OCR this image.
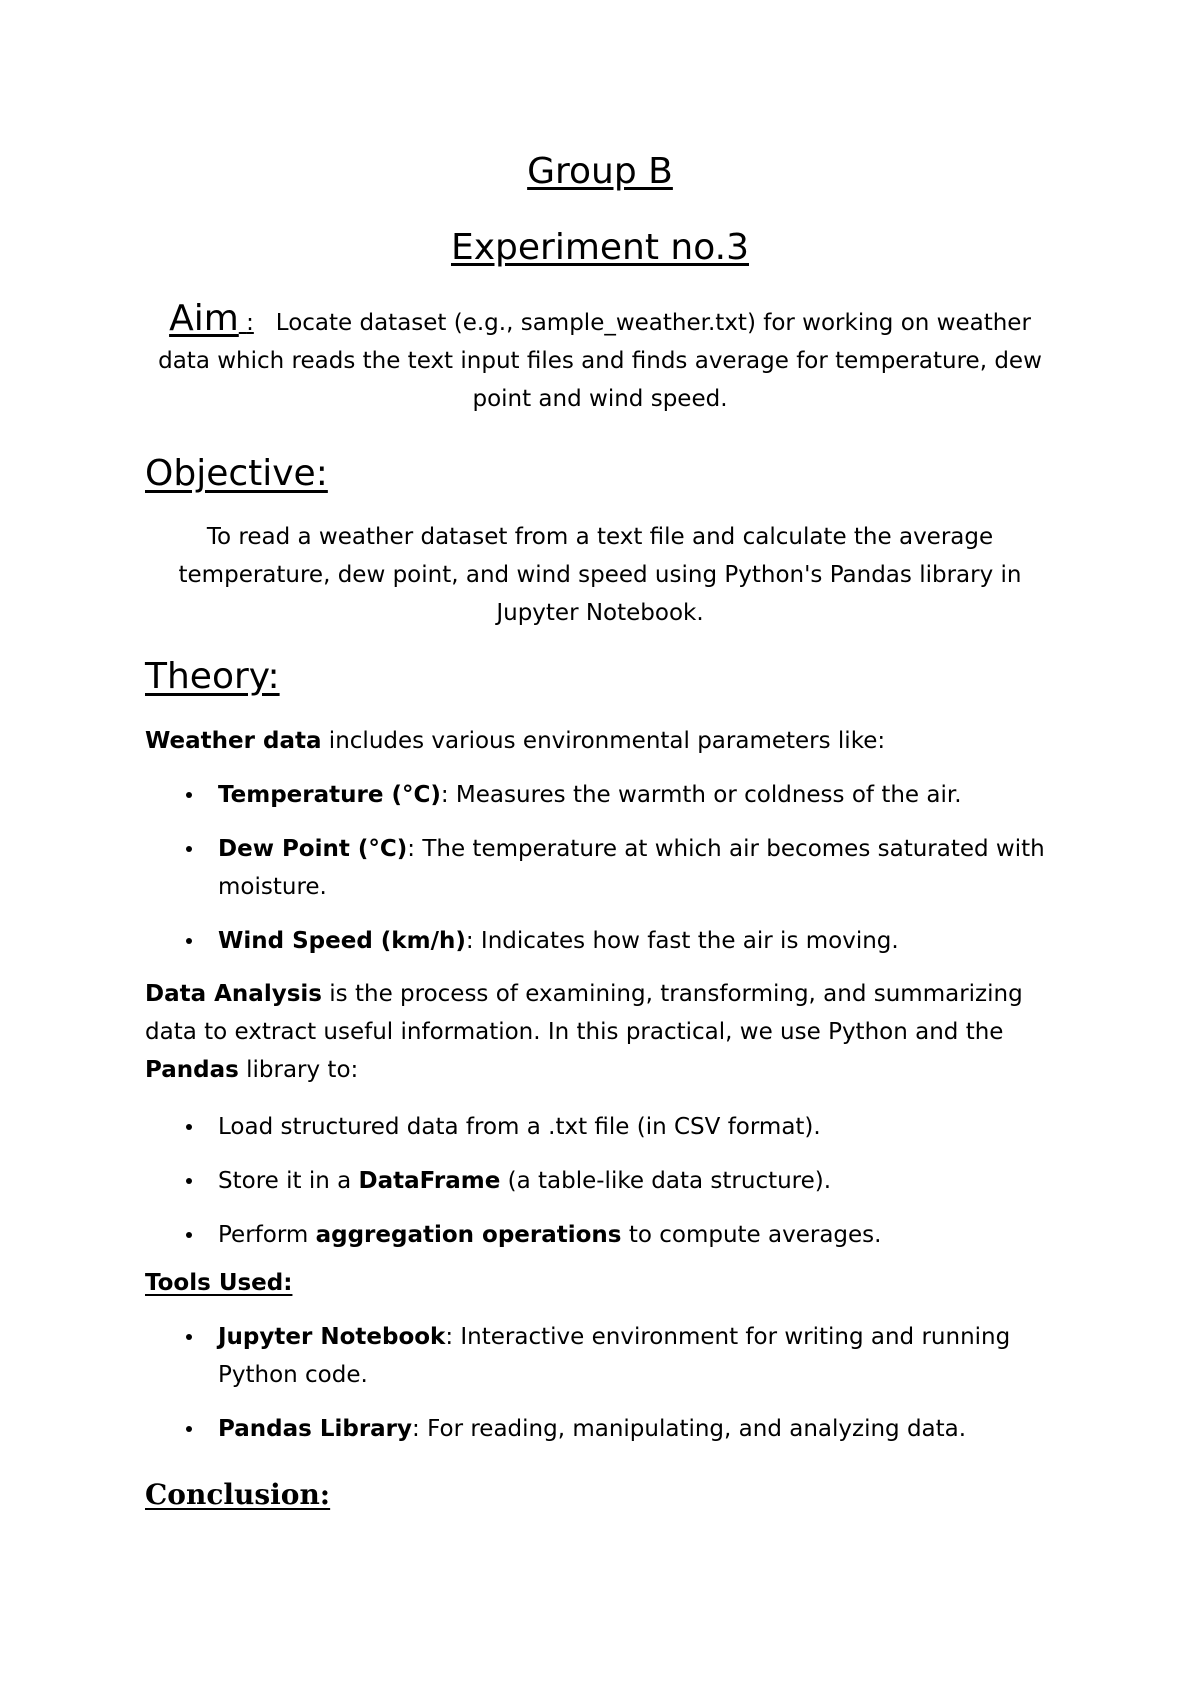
Group B
Experiment no.3
Aim : Locate dataset (e.g., sample_weather.txt) for working on weather data which reads the text input files and finds average for temperature, dew point and wind speed.
Objective:
To read a weather dataset from a text file and calculate the average temperature, dew point, and wind speed using Python's Pandas library in Jupyter Notebook.
Theory:
Weather data includes various environmental parameters like:
Temperature (°C): Measures the warmth or coldness of the air.
Dew Point (°C): The temperature at which air becomes saturated with moisture.
Wind Speed (km/h): Indicates how fast the air is moving.
Data Analysis is the process of examining, transforming, and summarizing data to extract useful information. In this practical, we use Python and the Pandas library to:
Load structured data from a .txt file (in CSV format).
Store it in a DataFrame (a table-like data structure).
Perform aggregation operations to compute averages.
Tools Used:
Jupyter Notebook: Interactive environment for writing and running Python code.
Pandas Library: For reading, manipulating, and analyzing data.
Conclusion:
